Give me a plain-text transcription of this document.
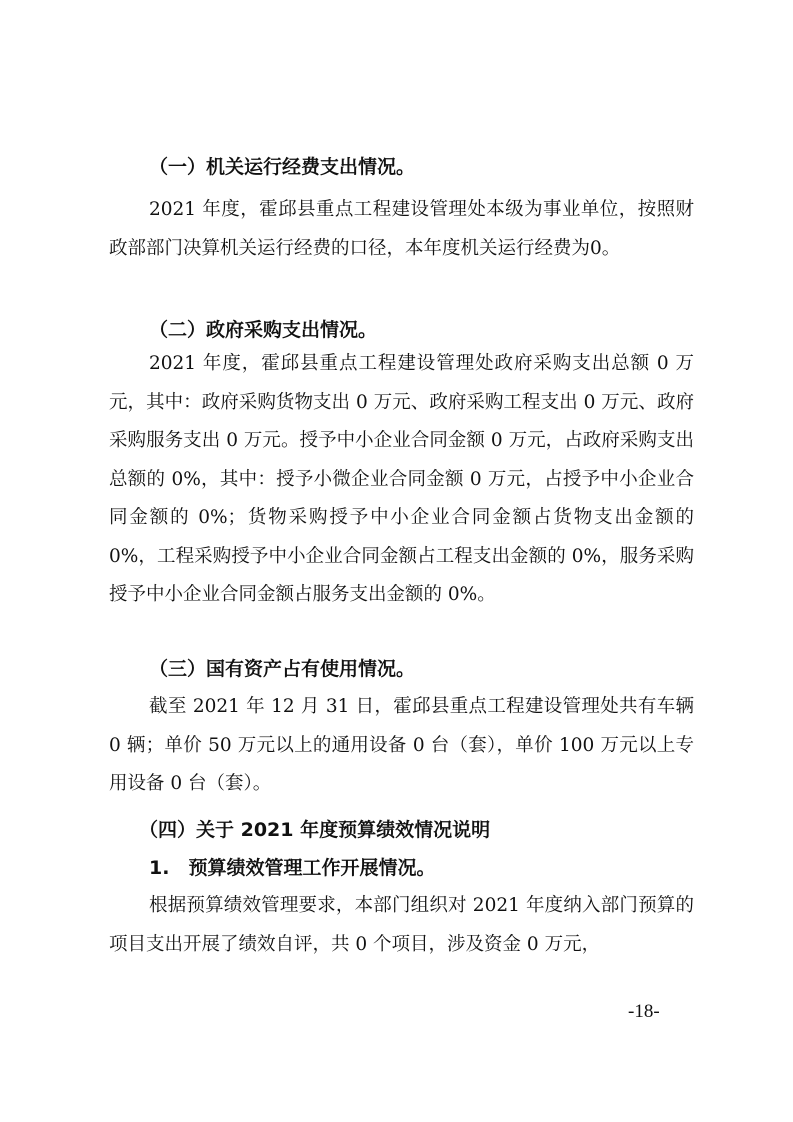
（一）机关运行经费支出情况。

2021 年度，霍邱县重点工程建设管理处本级为事业单位，按照财政部部门决算机关运行经费的口径，本年度机关运行经费为0。

（二）政府采购支出情况。

2021 年度，霍邱县重点工程建设管理处政府采购支出总额 0 万元，其中：政府采购货物支出 0 万元、政府采购工程支出 0 万元、政府采购服务支出 0 万元。授予中小企业合同金额 0 万元，占政府采购支出总额的 0%，其中：授予小微企业合同金额 0 万元，占授予中小企业合同金额的 0%；货物采购授予中小企业合同金额占货物支出金额的 0%，工程采购授予中小企业合同金额占工程支出金额的 0%，服务采购授予中小企业合同金额占服务支出金额的 0%。

（三）国有资产占有使用情况。

截至 2021 年 12 月 31 日，霍邱县重点工程建设管理处共有车辆 0 辆；单价 50 万元以上的通用设备 0 台（套），单价 100 万元以上专用设备 0 台（套）。

（四）关于 2021 年度预算绩效情况说明
1.　预算绩效管理工作开展情况。

根据预算绩效管理要求，本部门组织对 2021 年度纳入部门预算的项目支出开展了绩效自评，共 0 个项目，涉及资金 0 万元，

-18-
